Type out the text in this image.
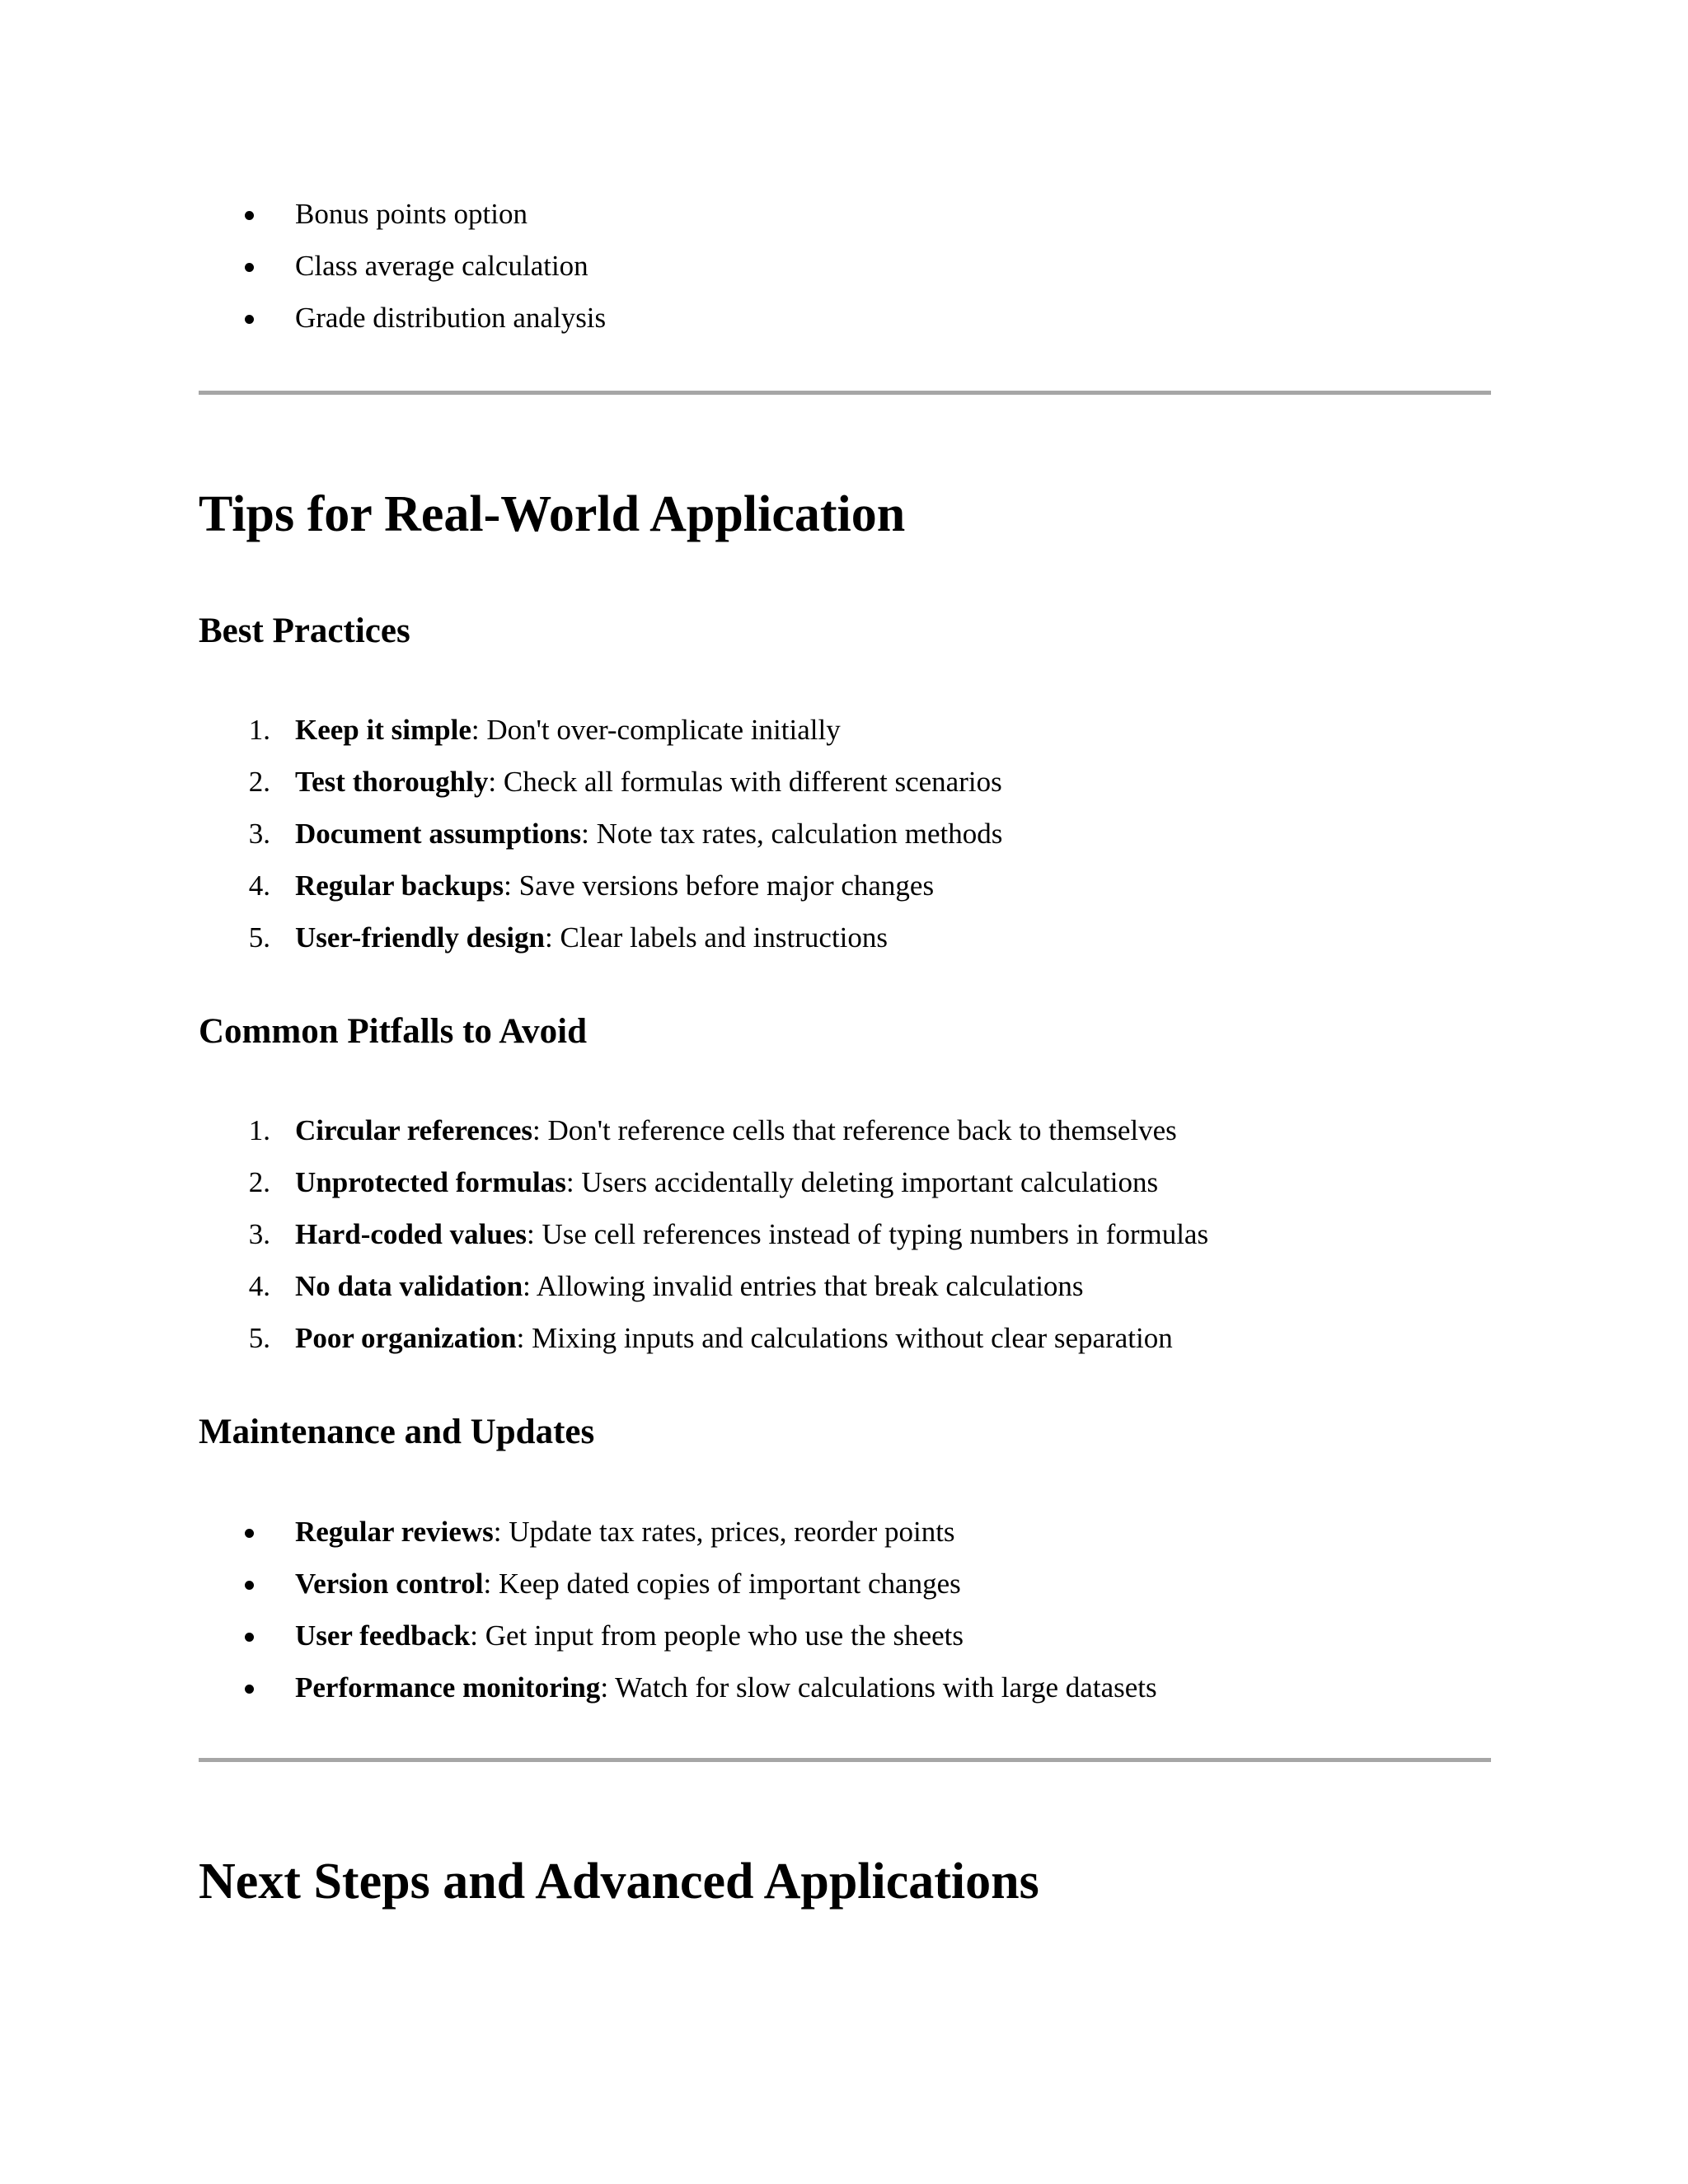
Bonus points option
Class average calculation
Grade distribution analysis
Tips for Real-World Application
Best Practices
1. Keep it simple: Don't over-complicate initially
2. Test thoroughly: Check all formulas with different scenarios
3. Document assumptions: Note tax rates, calculation methods
4. Regular backups: Save versions before major changes
5. User-friendly design: Clear labels and instructions
Common Pitfalls to Avoid
1. Circular references: Don't reference cells that reference back to themselves
2. Unprotected formulas: Users accidentally deleting important calculations
3. Hard-coded values: Use cell references instead of typing numbers in formulas
4. No data validation: Allowing invalid entries that break calculations
5. Poor organization: Mixing inputs and calculations without clear separation
Maintenance and Updates
Regular reviews: Update tax rates, prices, reorder points
Version control: Keep dated copies of important changes
User feedback: Get input from people who use the sheets
Performance monitoring: Watch for slow calculations with large datasets
Next Steps and Advanced Applications
